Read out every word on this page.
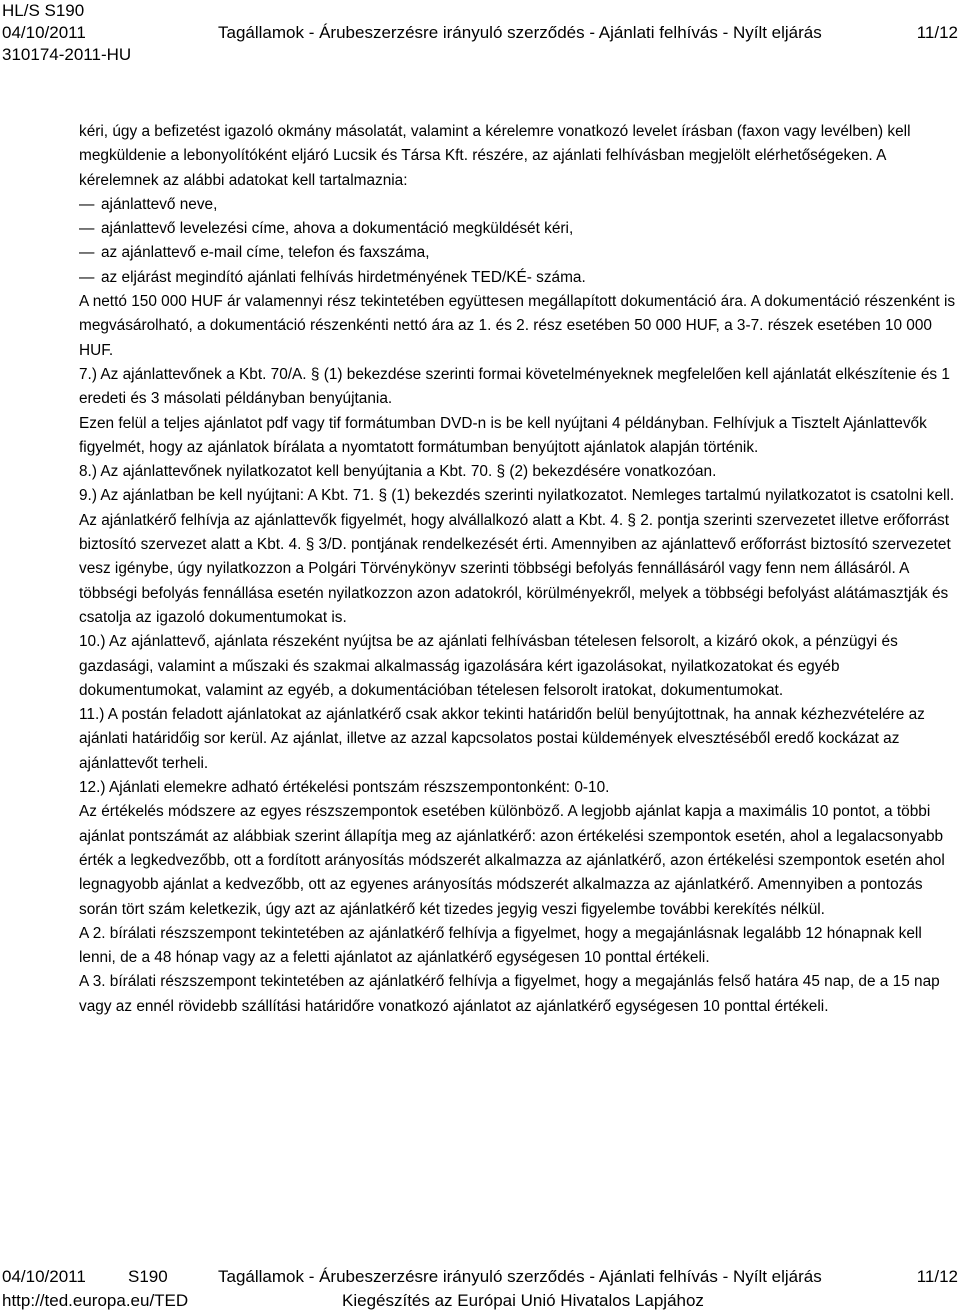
HL/S S190
04/10/2011	Tagállamok - Árubeszerzésre irányuló szerződés - Ajánlati felhívás - Nyílt eljárás	11/12
310174-2011-HU

kéri, úgy a befizetést igazoló okmány másolatát, valamint a kérelemre vonatkozó levelet írásban (faxon vagy levélben) kell megküldenie a lebonyolítóként eljáró Lucsik és Társa Kft. részére, az ajánlati felhívásban megjelölt elérhetőségeken. A kérelemnek az alábbi adatokat kell tartalmaznia:

— ajánlattevő neve,

— ajánlattevő levelezési címe, ahova a dokumentáció megküldését kéri,

— az ajánlattevő e-mail címe, telefon és faxszáma,

— az eljárást megindító ajánlati felhívás hirdetményének TED/KÉ- száma.

A nettó 150 000 HUF ár valamennyi rész tekintetében együttesen megállapított dokumentáció ára. A dokumentáció részenként is megvásárolható, a dokumentáció részenkénti nettó ára az 1. és 2. rész esetében 50 000 HUF, a 3-7. részek esetében 10 000 HUF.

7.) Az ajánlattevőnek a Kbt. 70/A. § (1) bekezdése szerinti formai követelményeknek megfelelően kell ajánlatát elkészítenie és 1 eredeti és 3 másolati példányban benyújtania.

Ezen felül a teljes ajánlatot pdf vagy tif formátumban DVD-n is be kell nyújtani 4 példányban. Felhívjuk a Tisztelt Ajánlattevők figyelmét, hogy az ajánlatok bírálata a nyomtatott formátumban benyújtott ajánlatok alapján történik.

8.) Az ajánlattevőnek nyilatkozatot kell benyújtania a Kbt. 70. § (2) bekezdésére vonatkozóan.

9.) Az ajánlatban be kell nyújtani: A Kbt. 71. § (1) bekezdés szerinti nyilatkozatot. Nemleges tartalmú nyilatkozatot is csatolni kell. Az ajánlatkérő felhívja az ajánlattevők figyelmét, hogy alvállalkozó alatt a Kbt. 4. § 2. pontja szerinti szervezetet illetve erőforrást biztosító szervezet alatt a Kbt. 4. § 3/D. pontjának rendelkezését érti. Amennyiben az ajánlattevő erőforrást biztosító szervezetet vesz igénybe, úgy nyilatkozzon a Polgári Törvénykönyv szerinti többségi befolyás fennállásáról vagy fenn nem állásáról. A többségi befolyás fennállása esetén nyilatkozzon azon adatokról, körülményekről, melyek a többségi befolyást alátámasztják és csatolja az igazoló dokumentumokat is.

10.) Az ajánlattevő, ajánlata részeként nyújtsa be az ajánlati felhívásban tételesen felsorolt, a kizáró okok, a pénzügyi és gazdasági, valamint a műszaki és szakmai alkalmasság igazolására kért igazolásokat, nyilatkozatokat és egyéb dokumentumokat, valamint az egyéb, a dokumentációban tételesen felsorolt iratokat, dokumentumokat.

11.) A postán feladott ajánlatokat az ajánlatkérő csak akkor tekinti határidőn belül benyújtottnak, ha annak kézhezvételére az ajánlati határidőig sor kerül. Az ajánlat, illetve az azzal kapcsolatos postai küldemények elvesztéséből eredő kockázat az ajánlattevőt terheli.

12.) Ajánlati elemekre adható értékelési pontszám részszempontonként: 0-10.

Az értékelés módszere az egyes részszempontok esetében különböző. A legjobb ajánlat kapja a maximális 10 pontot, a többi ajánlat pontszámát az alábbiak szerint állapítja meg az ajánlatkérő: azon értékelési szempontok esetén, ahol a legalacsonyabb érték a legkedvezőbb, ott a fordított arányosítás módszerét alkalmazza az ajánlatkérő, azon értékelési szempontok esetén ahol legnagyobb ajánlat a kedvezőbb, ott az egyenes arányosítás módszerét alkalmazza az ajánlatkérő. Amennyiben a pontozás során tört szám keletkezik, úgy azt az ajánlatkérő két tizedes jegyig veszi figyelembe további kerekítés nélkül.

A 2. bírálati részszempont tekintetében az ajánlatkérő felhívja a figyelmet, hogy a megajánlásnak legalább 12 hónapnak kell lenni, de a 48 hónap vagy az a feletti ajánlatot az ajánlatkérő egységesen 10 ponttal értékeli.

A 3. bírálati részszempont tekintetében az ajánlatkérő felhívja a figyelmet, hogy a megajánlás felső határa 45 nap, de a 15 nap vagy az ennél rövidebb szállítási határidőre vonatkozó ajánlatot az ajánlatkérő egységesen 10 ponttal értékeli.

04/10/2011 S190	Tagállamok - Árubeszerzésre irányuló szerződés - Ajánlati felhívás - Nyílt eljárás	11/12
http://ted.europa.eu/TED	Kiegészítés az Európai Unió Hivatalos Lapjához
